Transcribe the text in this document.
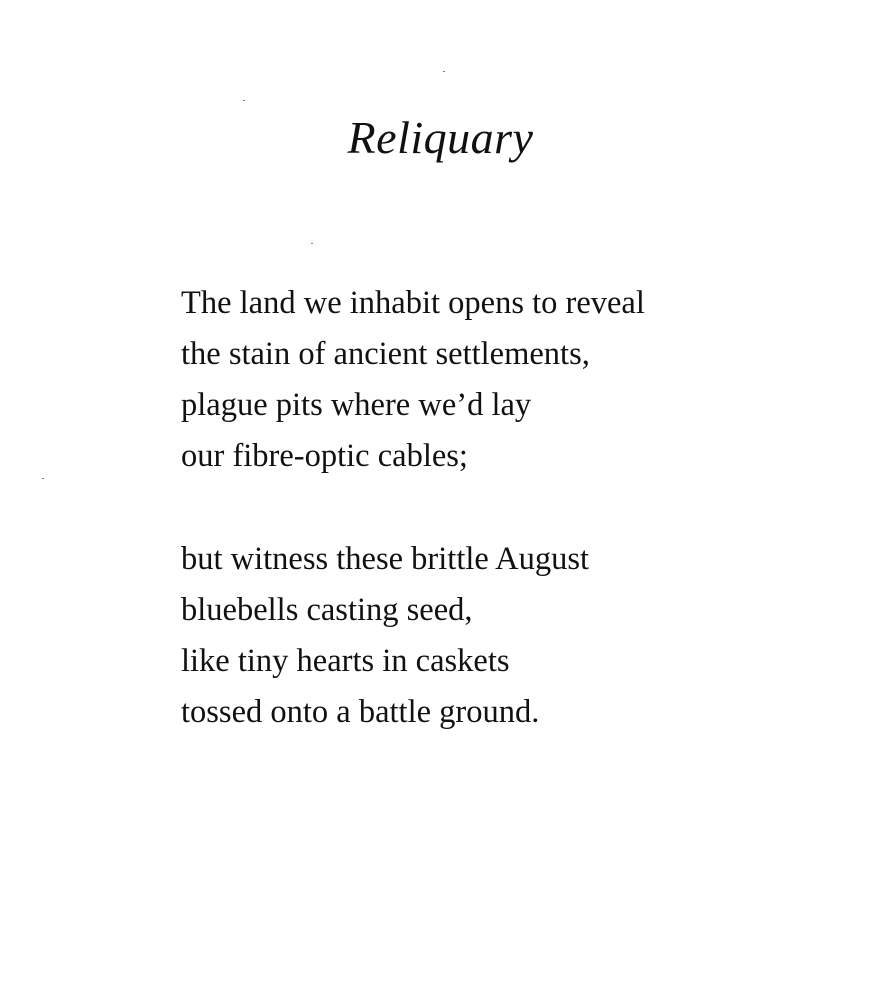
Reliquary

The land we inhabit opens to reveal
the stain of ancient settlements,
plague pits where we’d lay
our fibre-optic cables;

but witness these brittle August
bluebells casting seed,
like tiny hearts in caskets
tossed onto a battle ground.
